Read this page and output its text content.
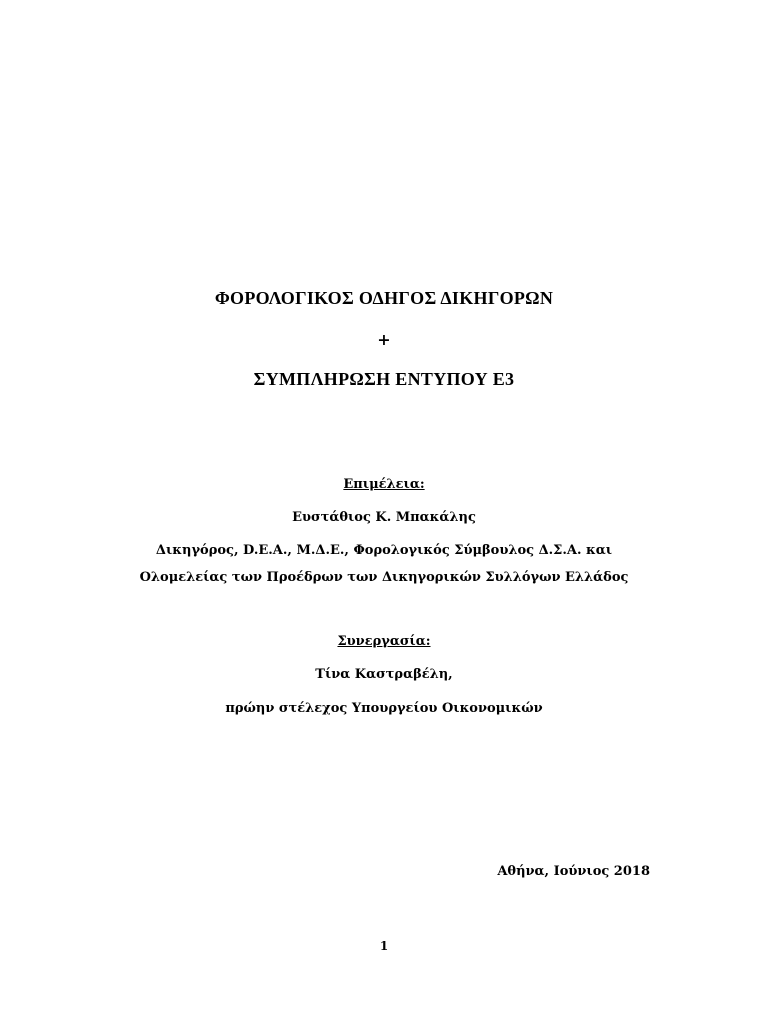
ΦΟΡΟΛΟΓΙΚΟΣ ΟΔΗΓΟΣ ΔΙΚΗΓΟΡΩΝ
+
ΣΥΜΠΛΗΡΩΣΗ ΕΝΤΥΠΟΥ Ε3
Επιμέλεια:
Ευστάθιος Κ. Μπακάλης
Δικηγόρος, D.E.A., Μ.Δ.Ε., Φορολογικός Σύμβουλος Δ.Σ.Α. και
Ολομελείας των Προέδρων των Δικηγορικών Συλλόγων Ελλάδος
Συνεργασία:
Τίνα Καστραβέλη,
πρώην στέλεχος Υπουργείου Οικονομικών
Αθήνα, Ιούνιος 2018
1
